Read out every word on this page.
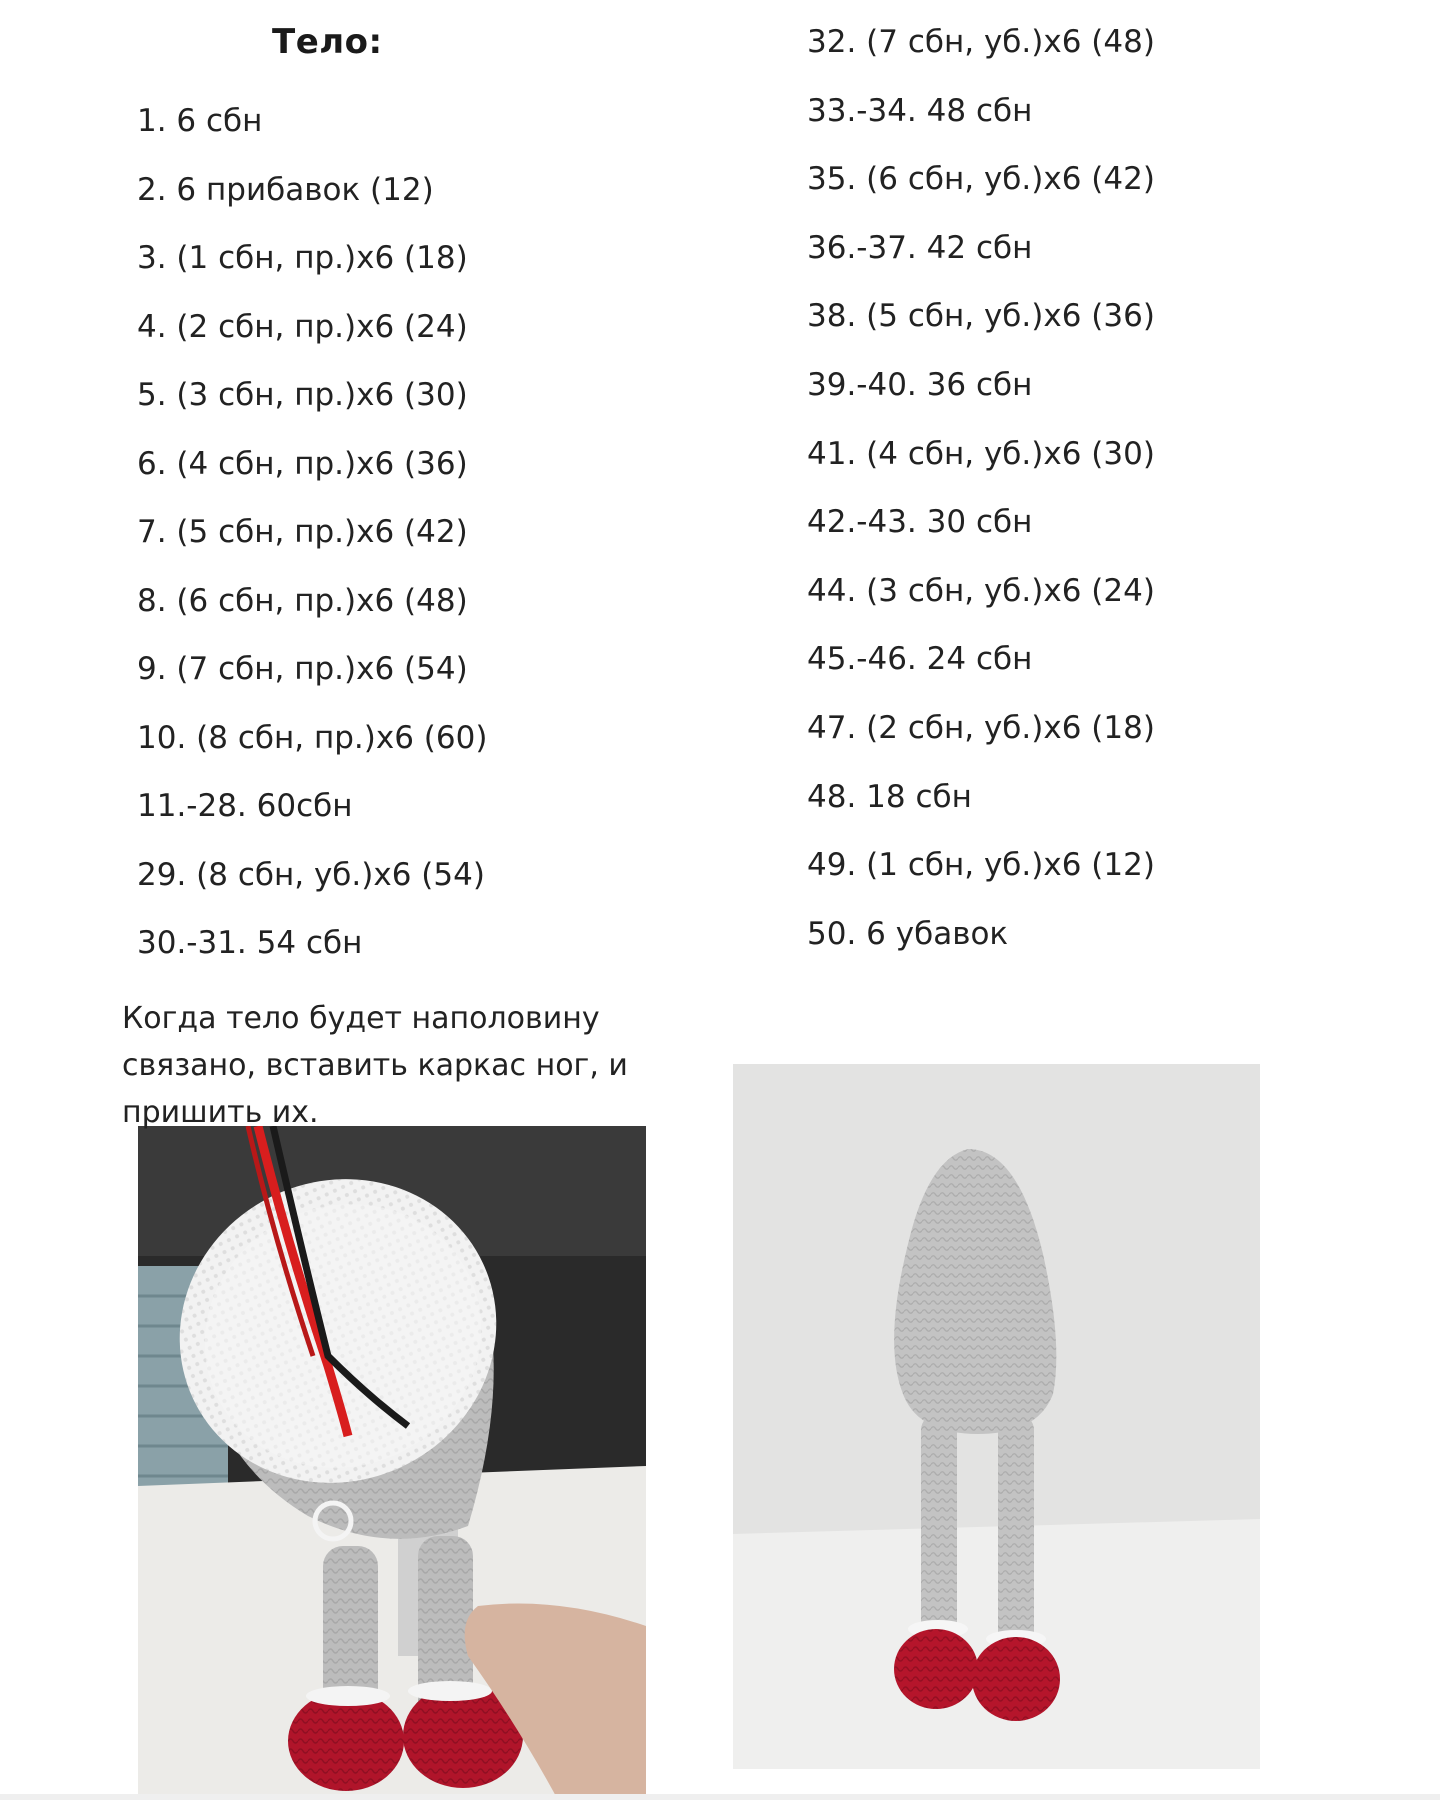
Тело:
1. 6 сбн
2. 6 прибавок (12)
3. (1 сбн, пр.)х6 (18)
4. (2 сбн, пр.)х6 (24)
5. (3 сбн, пр.)х6 (30)
6. (4 сбн, пр.)х6 (36)
7. (5 сбн, пр.)х6 (42)
8. (6 сбн, пр.)х6 (48)
9. (7 сбн, пр.)х6 (54)
10. (8 сбн, пр.)х6 (60)
11.-28. 60сбн
29. (8 сбн, уб.)х6 (54)
30.-31. 54 сбн
32. (7 сбн, уб.)х6 (48)
33.-34. 48 сбн
35. (6 сбн, уб.)х6 (42)
36.-37. 42 сбн
38. (5 сбн, уб.)х6 (36)
39.-40. 36 сбн
41. (4 сбн, уб.)х6 (30)
42.-43. 30 сбн
44. (3 сбн, уб.)х6 (24)
45.-46. 24 сбн
47. (2 сбн, уб.)х6 (18)
48. 18 сбн
49. (1 сбн, уб.)х6 (12)
50. 6 убавок
Когда тело будет наполовину
связано, вставить каркас ног, и
пришить их.
